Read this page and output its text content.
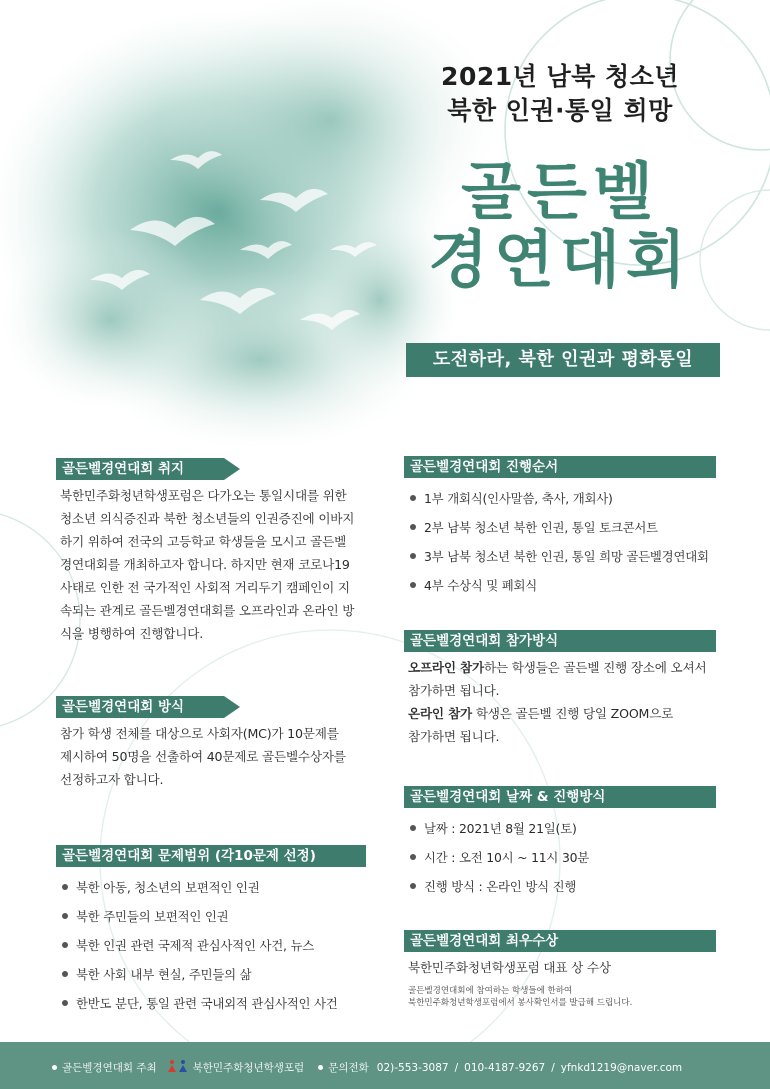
2021년 남북 청소년
북한 인권·통일 희망
골든벨
경연대회
도전하라, 북한 인권과 평화통일
골든벨경연대회 취지
북한민주화청년학생포럼은 다가오는 통일시대를 위한
청소년 의식증진과 북한 청소년들의 인권증진에 이바지
하기 위하여 전국의 고등학교 학생들을 모시고 골든벨
경연대회를 개최하고자 합니다. 하지만 현재 코로나19
사태로 인한 전 국가적인 사회적 거리두기 캠페인이 지
속되는 관계로 골든벨경연대회를 오프라인과 온라인 방
식을 병행하여 진행합니다.
골든벨경연대회 방식
참가 학생 전체를 대상으로 사회자(MC)가 10문제를
제시하여 50명을 선출하여 40문제로 골든벨수상자를
선정하고자 합니다.
골든벨경연대회 문제범위 (각10문제 선정)
북한 아동, 청소년의 보편적인 인권
북한 주민들의 보편적인 인권
북한 인권 관련 국제적 관심사적인 사건, 뉴스
북한 사회 내부 현실, 주민들의 삶
한반도 분단, 통일 관련 국내외적 관심사적인 사건
골든벨경연대회 진행순서
1부 개회식(인사말씀, 축사, 개회사)
2부 남북 청소년 북한 인권, 통일 토크콘서트
3부 남북 청소년 북한 인권, 통일 희망 골든벨경연대회
4부 수상식 및 폐회식
골든벨경연대회 참가방식
오프라인 참가하는 학생들은 골든벨 진행 장소에 오셔서
참가하면 됩니다.
온라인 참가 학생은 골든벨 진행 당일 ZOOM으로
참가하면 됩니다.
골든벨경연대회 날짜 & 진행방식
날짜 : 2021년 8월 21일(토)
시간 : 오전 10시 ~ 11시 30분
진행 방식 : 온라인 방식 진행
골든벨경연대회 최우수상
북한민주화청년학생포럼 대표 상 수상
골든벨경연대회에 참여하는 학생들에 한하여
북한민주화청년학생포럼에서 봉사확인서를 발급해 드립니다.
골든벨경연대회 주최	북한민주화청년학생포럼 문의전화 02)-553-3087 / 010-4187-9267 / yfnkd1219@naver.com
